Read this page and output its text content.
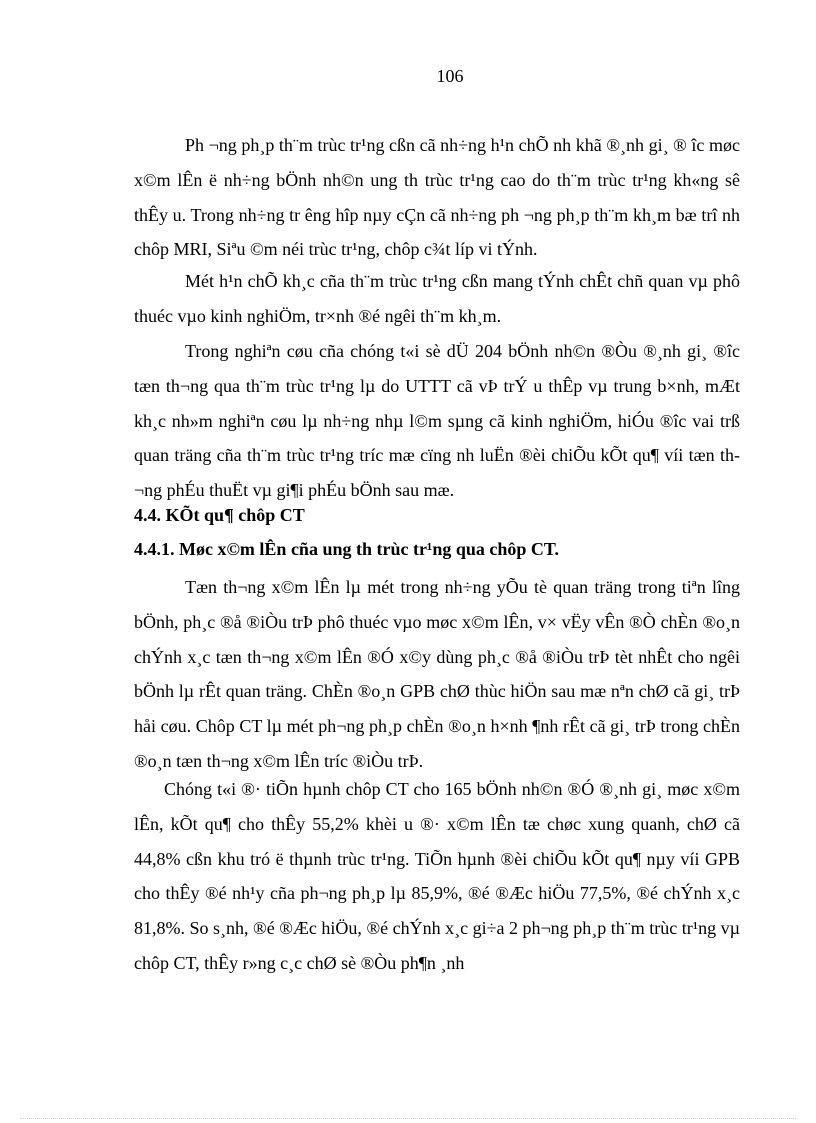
106

Ph ¬ng ph¸p th¨m trùc tr¹ng cßn cã nh÷ng h¹n chÕ nh khã ®¸nh gi¸ ® îc møc x©m lÊn ë nh÷ng bÖnh nh©n ung th trùc tr¹ng cao do th¨m trùc tr¹ng kh«ng sê thÊy u. Trong nh÷ng tr êng hîp nµy cÇn cã nh÷ng ph ¬ng ph¸p th¨m kh¸m bæ trî nh chôp MRI, Siªu ©m néi trùc tr¹ng, chôp c¾t líp vi tÝnh.

Mét h¹n chÕ kh¸c cña th¨m trùc tr¹ng cßn mang tÝnh chÊt chñ quan vµ phô thuéc vµo kinh nghiÖm, tr×nh ®é ngêi th¨m kh¸m.

Trong nghiªn cøu cña chóng t«i sè dÜ 204 bÖnh nh©n ®Òu ®¸nh gi¸ ®îc tæn th¬ng qua th¨m trùc tr¹ng lµ do UTTT cã vÞ trÝ u thÊp vµ trung b×nh, mÆt kh¸c nh»m nghiªn cøu lµ nh÷ng nhµ l©m sµng cã kinh nghiÖm, hiÓu ®îc vai trß quan träng cña th¨m trùc tr¹ng tríc mæ cïng nh luËn ®èi chiÕu kÕt qu¶ víi tæn th¬ng phÉu thuËt vµ gi¶i phÉu bÖnh sau mæ.

4.4. KÕt qu¶ chôp CT
4.4.1. Møc x©m lÊn cña ung th trùc tr¹ng qua chôp CT.

Tæn th¬ng x©m lÊn lµ mét trong nh÷ng yÕu tè quan träng trong tiªn lîng bÖnh, ph¸c ®å ®iÒu trÞ phô thuéc vµo møc x©m lÊn, v× vËy vÊn ®Ò chÈn ®o¸n chÝnh x¸c tæn th¬ng x©m lÊn ®Ó x©y dùng ph¸c ®å ®iÒu trÞ tèt nhÊt cho ngêi bÖnh lµ rÊt quan träng. ChÈn ®o¸n GPB chØ thùc hiÖn sau mæ nªn chØ cã gi¸ trÞ håi cøu. Chôp CT lµ mét ph¬ng ph¸p chÈn ®o¸n h×nh ¶nh rÊt cã gi¸ trÞ trong chÈn ®o¸n tæn th¬ng x©m lÊn tríc ®iÒu trÞ.

Chóng t«i ®· tiÕn hµnh chôp CT cho 165 bÖnh nh©n ®Ó ®¸nh gi¸ møc x©m lÊn, kÕt qu¶ cho thÊy 55,2% khèi u ®· x©m lÊn tæ chøc xung quanh, chØ cã 44,8% cßn khu tró ë thµnh trùc tr¹ng. TiÕn hµnh ®èi chiÕu kÕt qu¶ nµy víi GPB cho thÊy ®é nh¹y cña ph¬ng ph¸p lµ 85,9%, ®é ®Æc hiÖu 77,5%, ®é chÝnh x¸c 81,8%. So s¸nh, ®é ®Æc hiÖu, ®é chÝnh x¸c gi÷a 2 ph¬ng ph¸p th¨m trùc tr¹ng vµ chôp CT, thÊy r»ng c¸c chØ sè ®Òu ph¶n ¸nh
